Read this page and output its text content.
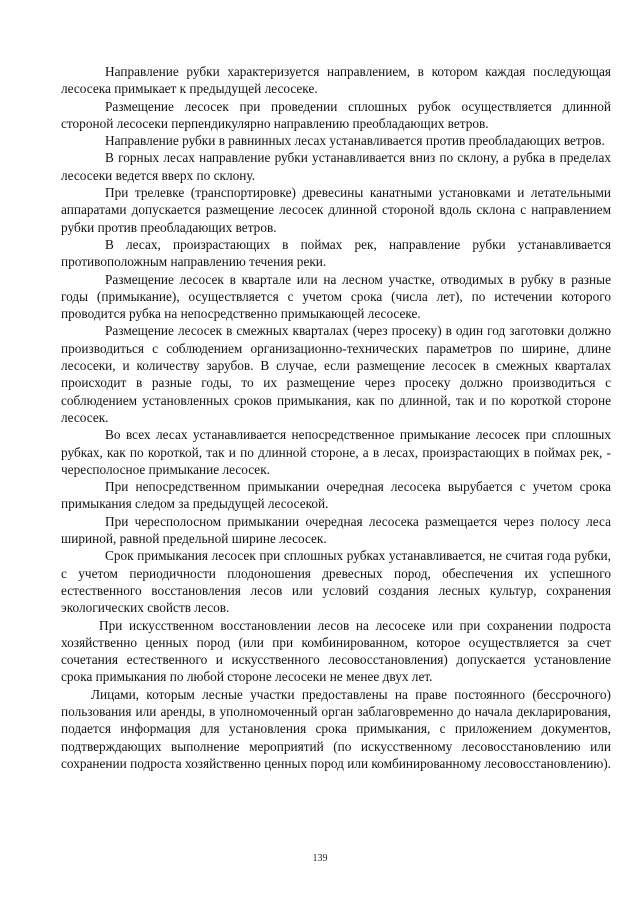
Направление рубки характеризуется направлением, в котором каждая последующая лесосека примыкает к предыдущей лесосеке.

Размещение лесосек при проведении сплошных рубок осуществляется длинной стороной лесосеки перпендикулярно направлению преобладающих ветров.

Направление рубки в равнинных лесах устанавливается против преобладающих ветров.

В горных лесах направление рубки устанавливается вниз по склону, а рубка в пределах лесосеки ведется вверх по склону.

При трелевке (транспортировке) древесины канатными установками и летательными аппаратами допускается размещение лесосек длинной стороной вдоль склона с направлением рубки против преобладающих ветров.

В лесах, произрастающих в поймах рек, направление рубки устанавливается противоположным направлению течения реки.

Размещение лесосек в квартале или на лесном участке, отводимых в рубку в разные годы (примыкание), осуществляется с учетом срока (числа лет), по истечении которого проводится рубка на непосредственно примыкающей лесосеке.

Размещение лесосек в смежных кварталах (через просеку) в один год заготовки должно производиться с соблюдением организационно-технических параметров по ширине, длине лесосеки, и количеству зарубов. В случае, если размещение лесосек в смежных кварталах происходит в разные годы, то их размещение через просеку должно производиться с соблюдением установленных сроков примыкания, как по длинной, так и по короткой стороне лесосек.

Во всех лесах устанавливается непосредственное примыкание лесосек при сплошных рубках, как по короткой, так и по длинной стороне, а в лесах, произрастающих в поймах рек, - чересполосное примыкание лесосек.

При непосредственном примыкании очередная лесосека вырубается с учетом срока примыкания следом за предыдущей лесосекой.

При чересполосном примыкании очередная лесосека размещается через полосу леса шириной, равной предельной ширине лесосек.

Срок примыкания лесосек при сплошных рубках устанавливается, не считая года рубки, с учетом периодичности плодоношения древесных пород, обеспечения их успешного естественного восстановления лесов или условий создания лесных культур, сохранения экологических свойств лесов.

При искусственном восстановлении лесов на лесосеке или при сохранении подроста хозяйственно ценных пород (или при комбинированном, которое осуществляется за счет сочетания естественного и искусственного лесовосстановления) допускается установление срока примыкания по любой стороне лесосеки не менее двух лет.

Лицами, которым лесные участки предоставлены на праве постоянного (бессрочного) пользования или аренды, в уполномоченный орган заблаговременно до начала декларирования, подается информация для установления срока примыкания, с приложением документов, подтверждающих выполнение мероприятий (по искусственному лесовосстановлению или сохранении подроста хозяйственно ценных пород или комбинированному лесовосстановлению).

139
